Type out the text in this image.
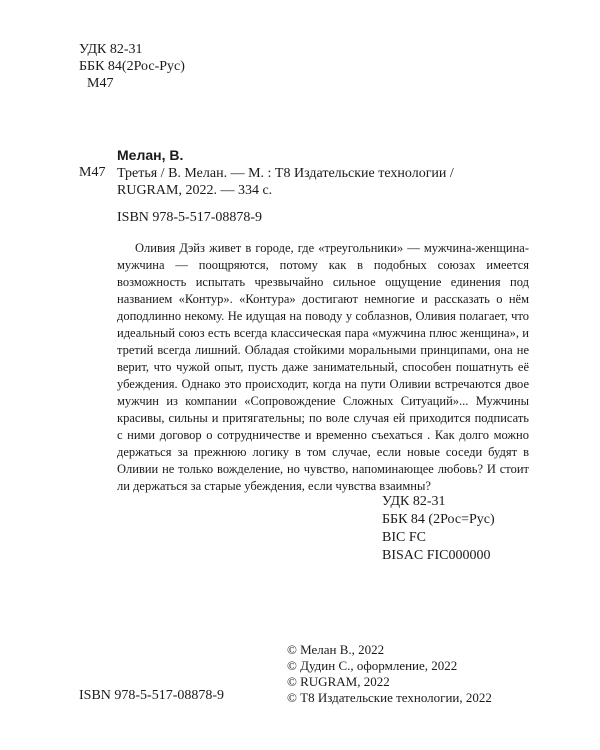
УДК 82-31
ББК 84(2Рос-Рус)
М47
Мелан, В.
М47 Третья / В. Мелан. — М. : Т8 Издательские технологии /
RUGRAM, 2022. — 334 с.
ISBN 978-5-517-08878-9
Оливия Дэйз живет в городе, где «треугольники» — мужчина-женщина-мужчина — поощряются, потому как в подобных союзах имеется возможность испытать чрезвычайно сильное ощущение единения под названием «Контур». «Контура» достигают немногие и рассказать о нём доподлинно некому. Не идущая на поводу у соблазнов, Оливия полагает, что идеальный союз есть всегда классическая пара «мужчина плюс женщина», и третий всегда лишний. Обладая стойкими моральными принципами, она не верит, что чужой опыт, пусть даже занимательный, способен пошатнуть её убеждения. Однако это происходит, когда на пути Оливии встречаются двое мужчин из компании «Сопровождение Сложных Ситуаций»... Мужчины красивы, сильны и притягательны; по воле случая ей приходится подписать с ними договор о сотрудничестве и временно съехаться . Как долго можно держаться за прежнюю логику в том случае, если новые соседи будят в Оливии не только вожделение, но чувство, напоминающее любовь? И стоит ли держаться за старые убеждения, если чувства взаимны?
УДК 82-31
ББК 84 (2Рос=Рус)
BIC FC
BISAC FIC000000
© Мелан В., 2022
© Дудин С., оформление, 2022
© RUGRAM, 2022
© Т8 Издательские технологии, 2022
ISBN 978-5-517-08878-9
